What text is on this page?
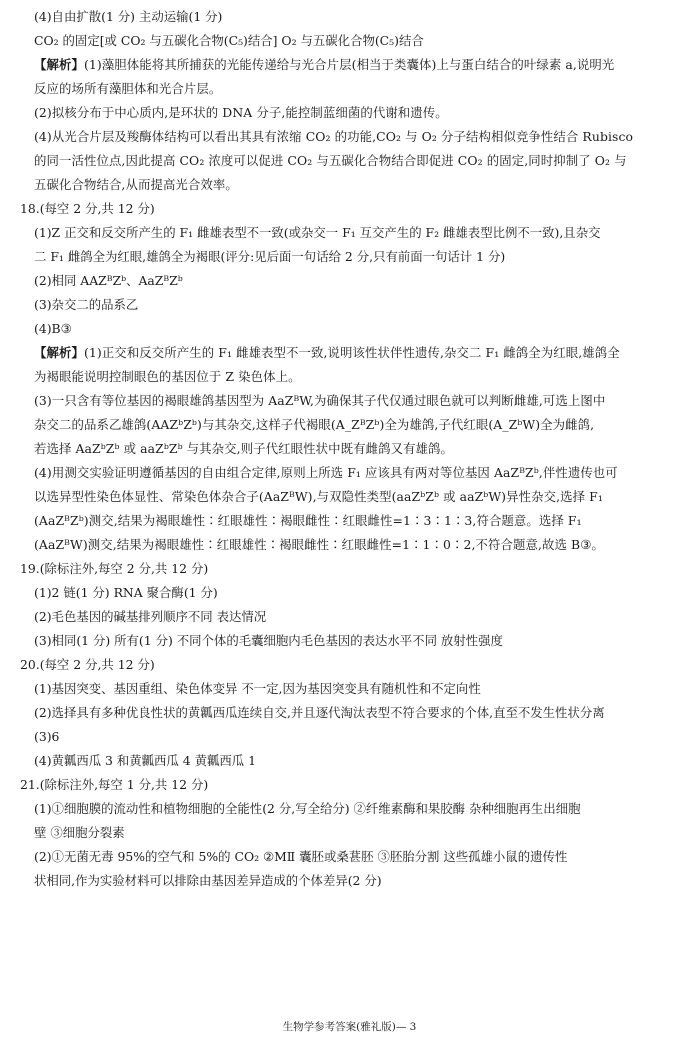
(4)自由扩散(1 分) 主动运输(1 分)
CO₂ 的固定[或 CO₂ 与五碳化合物(C₅)结合] O₂ 与五碳化合物(C₅)结合
【解析】(1)藻胆体能将其所捕获的光能传递给与光合片层(相当于类囊体)上与蛋白结合的叶绿素 a,说明光
反应的场所有藻胆体和光合片层。
(2)拟核分布于中心质内,是环状的 DNA 分子,能控制蓝细菌的代谢和遗传。
(4)从光合片层及羧酶体结构可以看出其具有浓缩 CO₂ 的功能,CO₂ 与 O₂ 分子结构相似竞争性结合 Rubisco
的同一活性位点,因此提高 CO₂ 浓度可以促进 CO₂ 与五碳化合物结合即促进 CO₂ 的固定,同时抑制了 O₂ 与
五碳化合物结合,从而提高光合效率。
18.(每空 2 分,共 12 分)
(1)Z 正交和反交所产生的 F₁ 雌雄表型不一致(或杂交一 F₁ 互交产生的 F₂ 雌雄表型比例不一致),且杂交
二 F₁ 雌鸽全为红眼,雄鸽全为褐眼(评分:见后面一句话给 2 分,只有前面一句话计 1 分)
(2)相同 AAZᴮZᵇ、AaZᴮZᵇ
(3)杂交二的品系乙
(4)B③
【解析】(1)正交和反交所产生的 F₁ 雌雄表型不一致,说明该性状伴性遗传,杂交二 F₁ 雌鸽全为红眼,雄鸽全
为褐眼能说明控制眼色的基因位于 Z 染色体上。
(3)一只含有等位基因的褐眼雄鸽基因型为 AaZᴮW,为确保其子代仅通过眼色就可以判断雌雄,可选上图中
杂交二的品系乙雄鸽(AAZᵇZᵇ)与其杂交,这样子代褐眼(A_ZᴮZᵇ)全为雄鸽,子代红眼(A_ZᵇW)全为雌鸽,
若选择 AaZᵇZᵇ 或 aaZᵇZᵇ 与其杂交,则子代红眼性状中既有雌鸽又有雄鸽。
(4)用测交实验证明遵循基因的自由组合定律,原则上所选 F₁ 应该具有两对等位基因 AaZᴮZᵇ,伴性遗传也可
以选异型性染色体显性、常染色体杂合子(AaZᴮW),与双隐性类型(aaZᵇZᵇ 或 aaZᵇW)异性杂交,选择 F₁
(AaZᴮZᵇ)测交,结果为褐眼雄性∶红眼雄性∶褐眼雌性∶红眼雌性=1∶3∶1∶3,符合题意。选择 F₁
(AaZᴮW)测交,结果为褐眼雄性∶红眼雄性∶褐眼雌性∶红眼雌性=1∶1∶0∶2,不符合题意,故选 B③。
19.(除标注外,每空 2 分,共 12 分)
(1)2 链(1 分) RNA 聚合酶(1 分)
(2)毛色基因的碱基排列顺序不同 表达情况
(3)相同(1 分) 所有(1 分) 不同个体的毛囊细胞内毛色基因的表达水平不同 放射性强度
20.(每空 2 分,共 12 分)
(1)基因突变、基因重组、染色体变异 不一定,因为基因突变具有随机性和不定向性
(2)选择具有多种优良性状的黄瓤西瓜连续自交,并且逐代淘汰表型不符合要求的个体,直至不发生性状分离
(3)6
(4)黄瓤西瓜 3 和黄瓤西瓜 4 黄瓤西瓜 1
21.(除标注外,每空 1 分,共 12 分)
(1)①细胞膜的流动性和植物细胞的全能性(2 分,写全给分) ②纤维素酶和果胶酶 杂种细胞再生出细胞
壁 ③细胞分裂素
(2)①无菌无毒 95%的空气和 5%的 CO₂ ②MⅡ 囊胚或桑葚胚 ③胚胎分割 这些孤雄小鼠的遗传性
状相同,作为实验材料可以排除由基因差异造成的个体差异(2 分)
生物学参考答案(雅礼版)— 3
